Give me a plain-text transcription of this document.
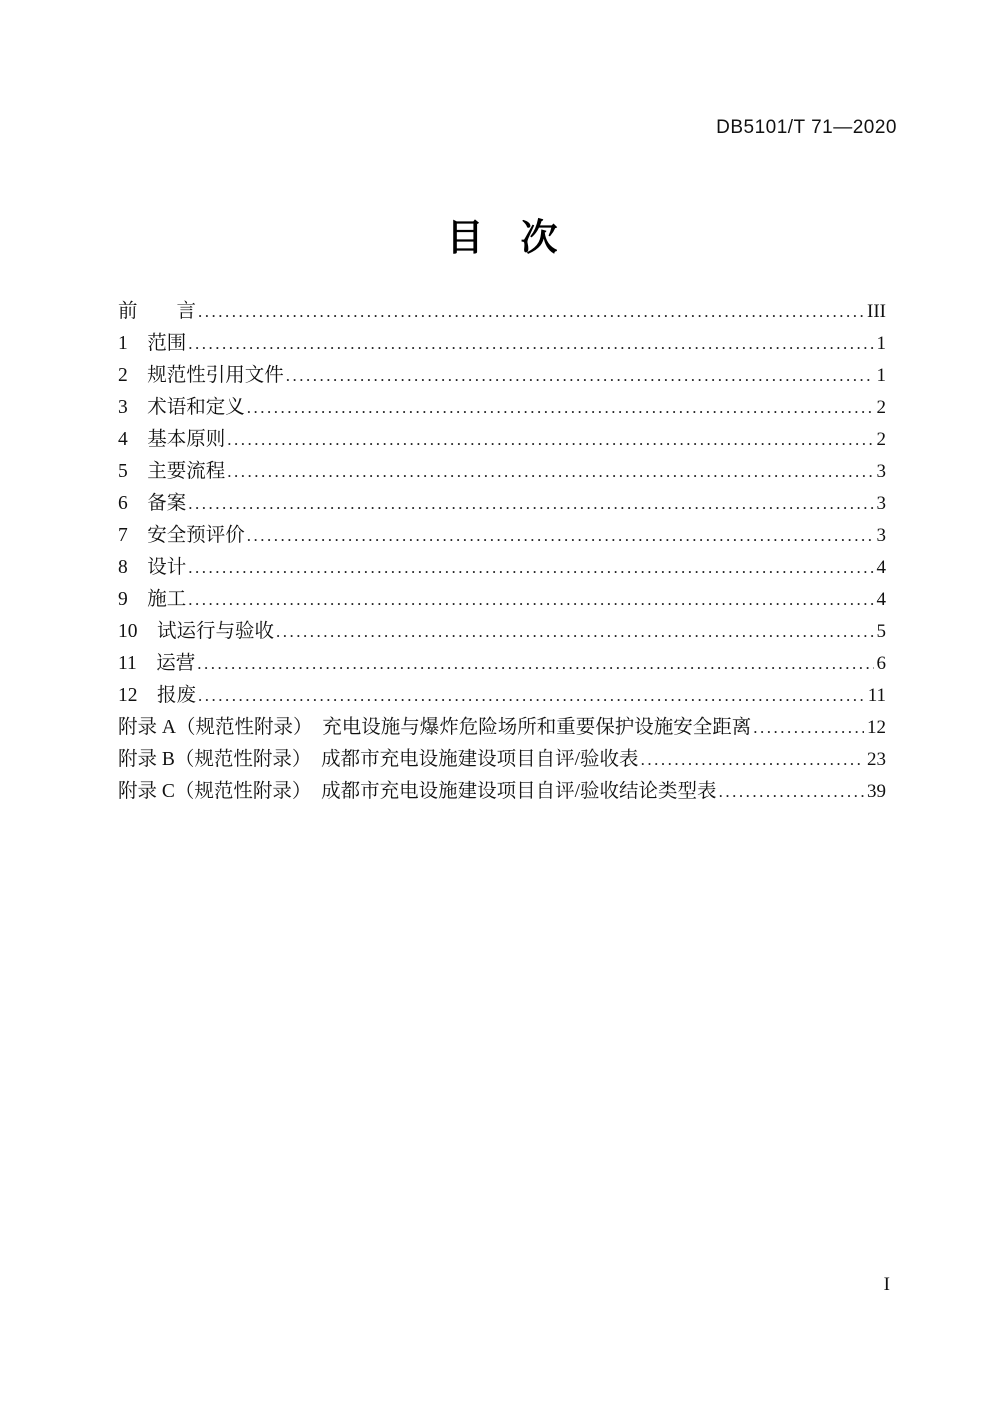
DB5101/T 71—2020
目　次
前　　言 .....	III
1　范围 .....	1
2　规范性引用文件 .....	1
3　术语和定义 .....	2
4　基本原则 .....	2
5　主要流程 .....	3
6　备案 .....	3
7　安全预评价 .....	3
8　设计 .....	4
9　施工 .....	4
10　试运行与验收 .....	5
11　运营 .....	6
12　报废 .....	11
附录 A（规范性附录）　充电设施与爆炸危险场所和重要保护设施安全距离 .....	12
附录 B（规范性附录）　成都市充电设施建设项目自评/验收表 .....	23
附录 C（规范性附录）　成都市充电设施建设项目自评/验收结论类型表 .....	39
I
